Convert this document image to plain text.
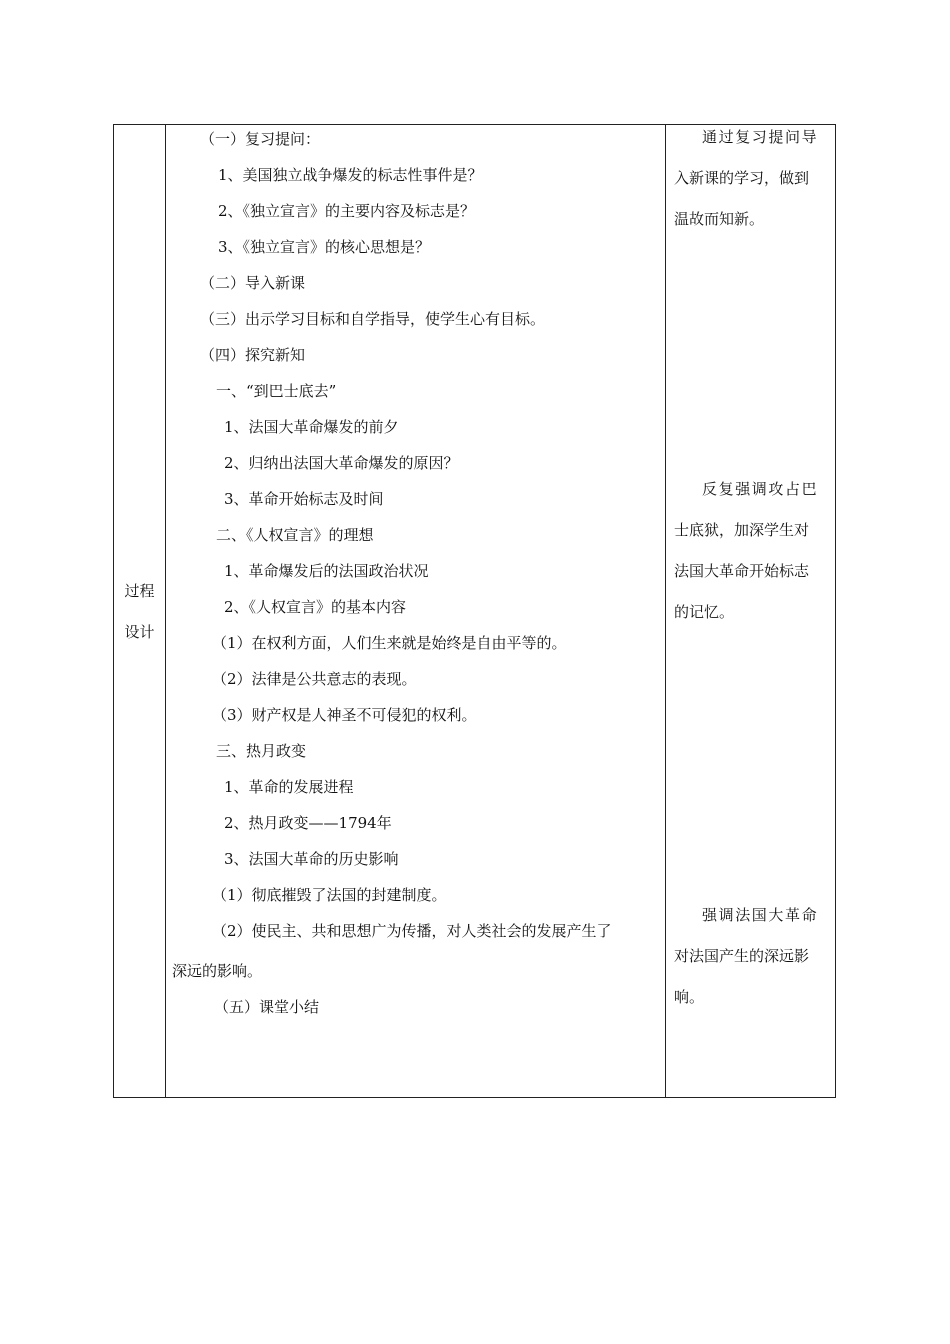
过程
设计
（一）复习提问：
1、美国独立战争爆发的标志性事件是？
2、《独立宣言》的主要内容及标志是？
3、《独立宣言》的核心思想是？
（二）导入新课
（三）出示学习目标和自学指导，使学生心有目标。
（四）探究新知
一、“到巴士底去”
1、法国大革命爆发的前夕
2、归纳出法国大革命爆发的原因？
3、革命开始标志及时间
二、《人权宣言》的理想
1、革命爆发后的法国政治状况
2、《人权宣言》的基本内容
（1）在权利方面，人们生来就是始终是自由平等的。
（2）法律是公共意志的表现。
（3）财产权是人神圣不可侵犯的权利。
三、热月政变
1、革命的发展进程
2、热月政变——1794年
3、法国大革命的历史影响
（1）彻底摧毁了法国的封建制度。
（2）使民主、共和思想广为传播，对人类社会的发展产生了
深远的影响。
（五）课堂小结
通过复习提问导
入新课的学习，做到
温故而知新。
反复强调攻占巴
士底狱，加深学生对
法国大革命开始标志
的记忆。
强调法国大革命
对法国产生的深远影
响。
